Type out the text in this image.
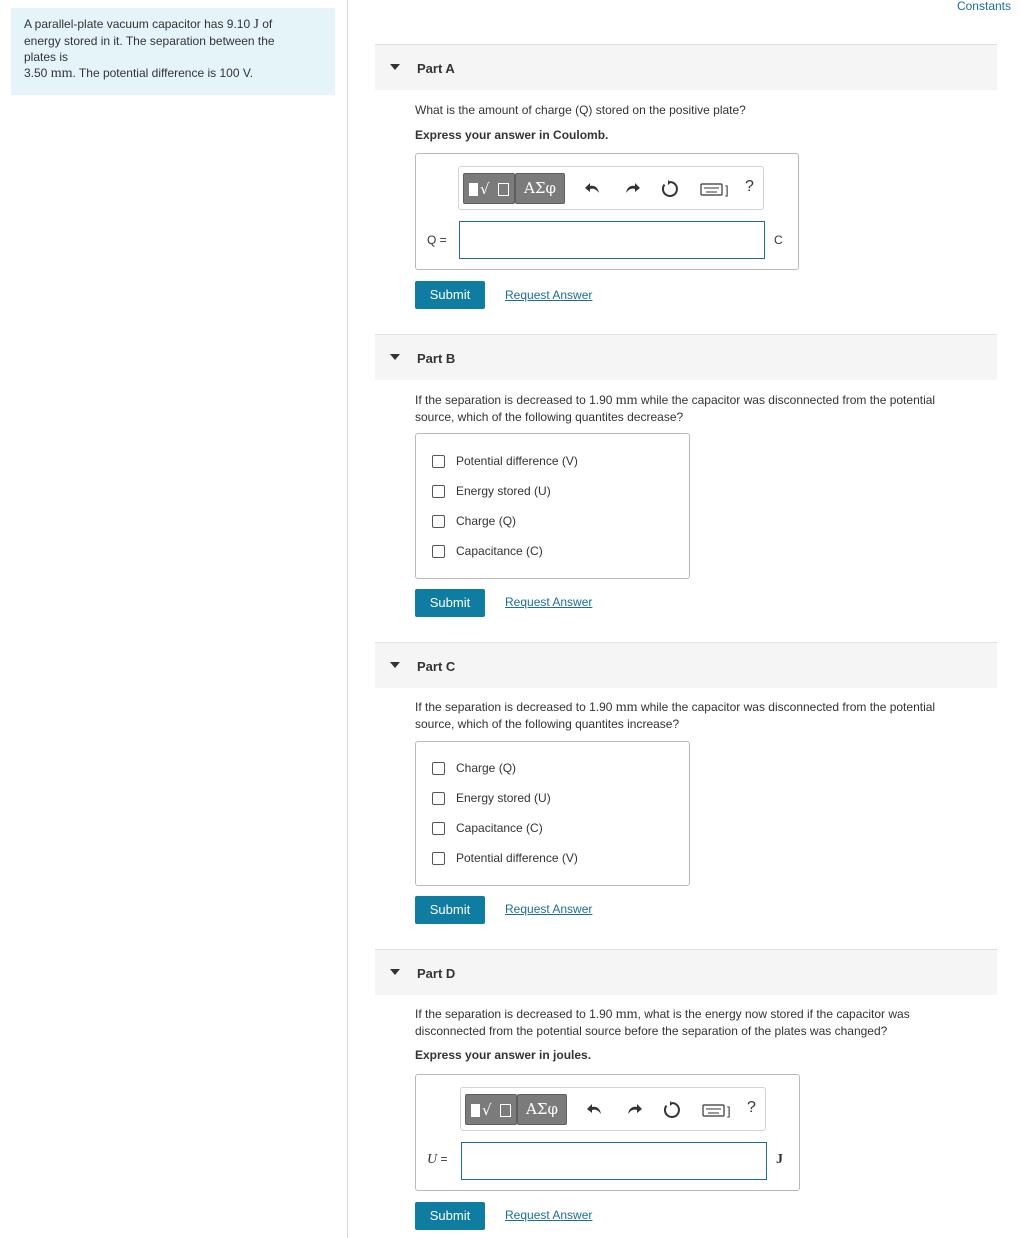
Constants
A parallel-plate vacuum capacitor has 9.10 J of
energy stored in it. The separation between the
plates is
3.50 mm. The potential difference is 100 V.	Part A
What is the amount of charge (Q) stored on the positive plate?
Express your answer in Coulomb.
√	ΑΣφ	] ?
Q =	C
Submit	Request Answer
Part B
If the separation is decreased to 1.90 mm while the capacitor was disconnected from the potential
source, which of the following quantites decrease?
Potential difference (V)
Energy stored (U)
Charge (Q)
Capacitance (C)
Submit	Request Answer
Part C
If the separation is decreased to 1.90 mm while the capacitor was disconnected from the potential
source, which of the following quantites increase?
Charge (Q)
Energy stored (U)
Capacitance (C)
Potential difference (V)
Submit	Request Answer
Part D
If the separation is decreased to 1.90 mm, what is the energy now stored if the capacitor was
disconnected from the potential source before the separation of the plates was changed?
Express your answer in joules.
√	ΑΣφ	] ?
U =	J
Submit	Request Answer
